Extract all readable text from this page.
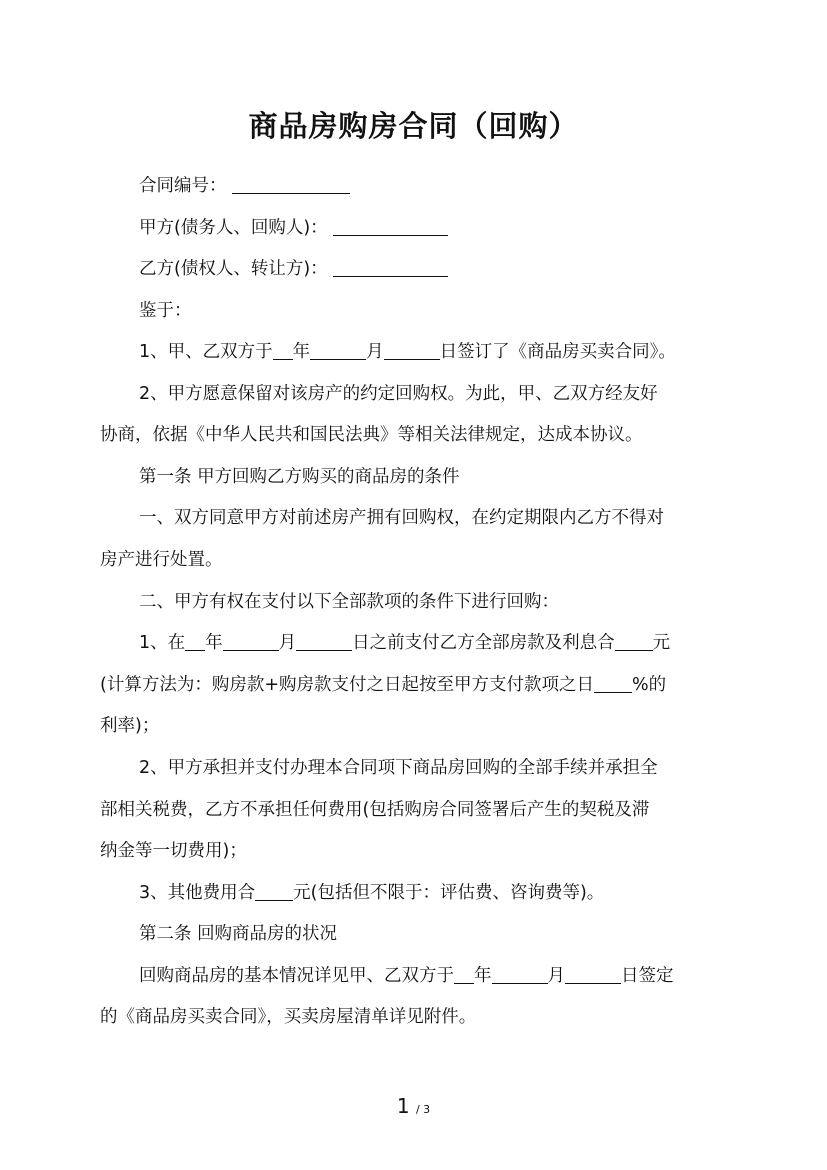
商品房购房合同（回购）
合同编号：
甲方(债务人、回购人)：
乙方(债权人、转让方)：
鉴于：
1、甲、乙双方于 年	月	日签订了《商品房买卖合同》。
2、甲方愿意保留对该房产的约定回购权。为此，甲、乙双方经友好
协商，依据《中华人民共和国民法典》等相关法律规定，达成本协议。
第一条 甲方回购乙方购买的商品房的条件
一、双方同意甲方对前述房产拥有回购权，在约定期限内乙方不得对
房产进行处置。
二、甲方有权在支付以下全部款项的条件下进行回购：
1、在 年	月	日之前支付乙方全部房款及利息合 元
(计算方法为：购房款+购房款支付之日起按至甲方支付款项之日 %的
利率)；
2、甲方承担并支付办理本合同项下商品房回购的全部手续并承担全
部相关税费，乙方不承担任何费用(包括购房合同签署后产生的契税及滞
纳金等一切费用)；
3、其他费用合 元(包括但不限于：评估费、咨询费等)。
第二条 回购商品房的状况
回购商品房的基本情况详见甲、乙双方于 年	月	日签定
的《商品房买卖合同》，买卖房屋清单详见附件。
1 / 3
